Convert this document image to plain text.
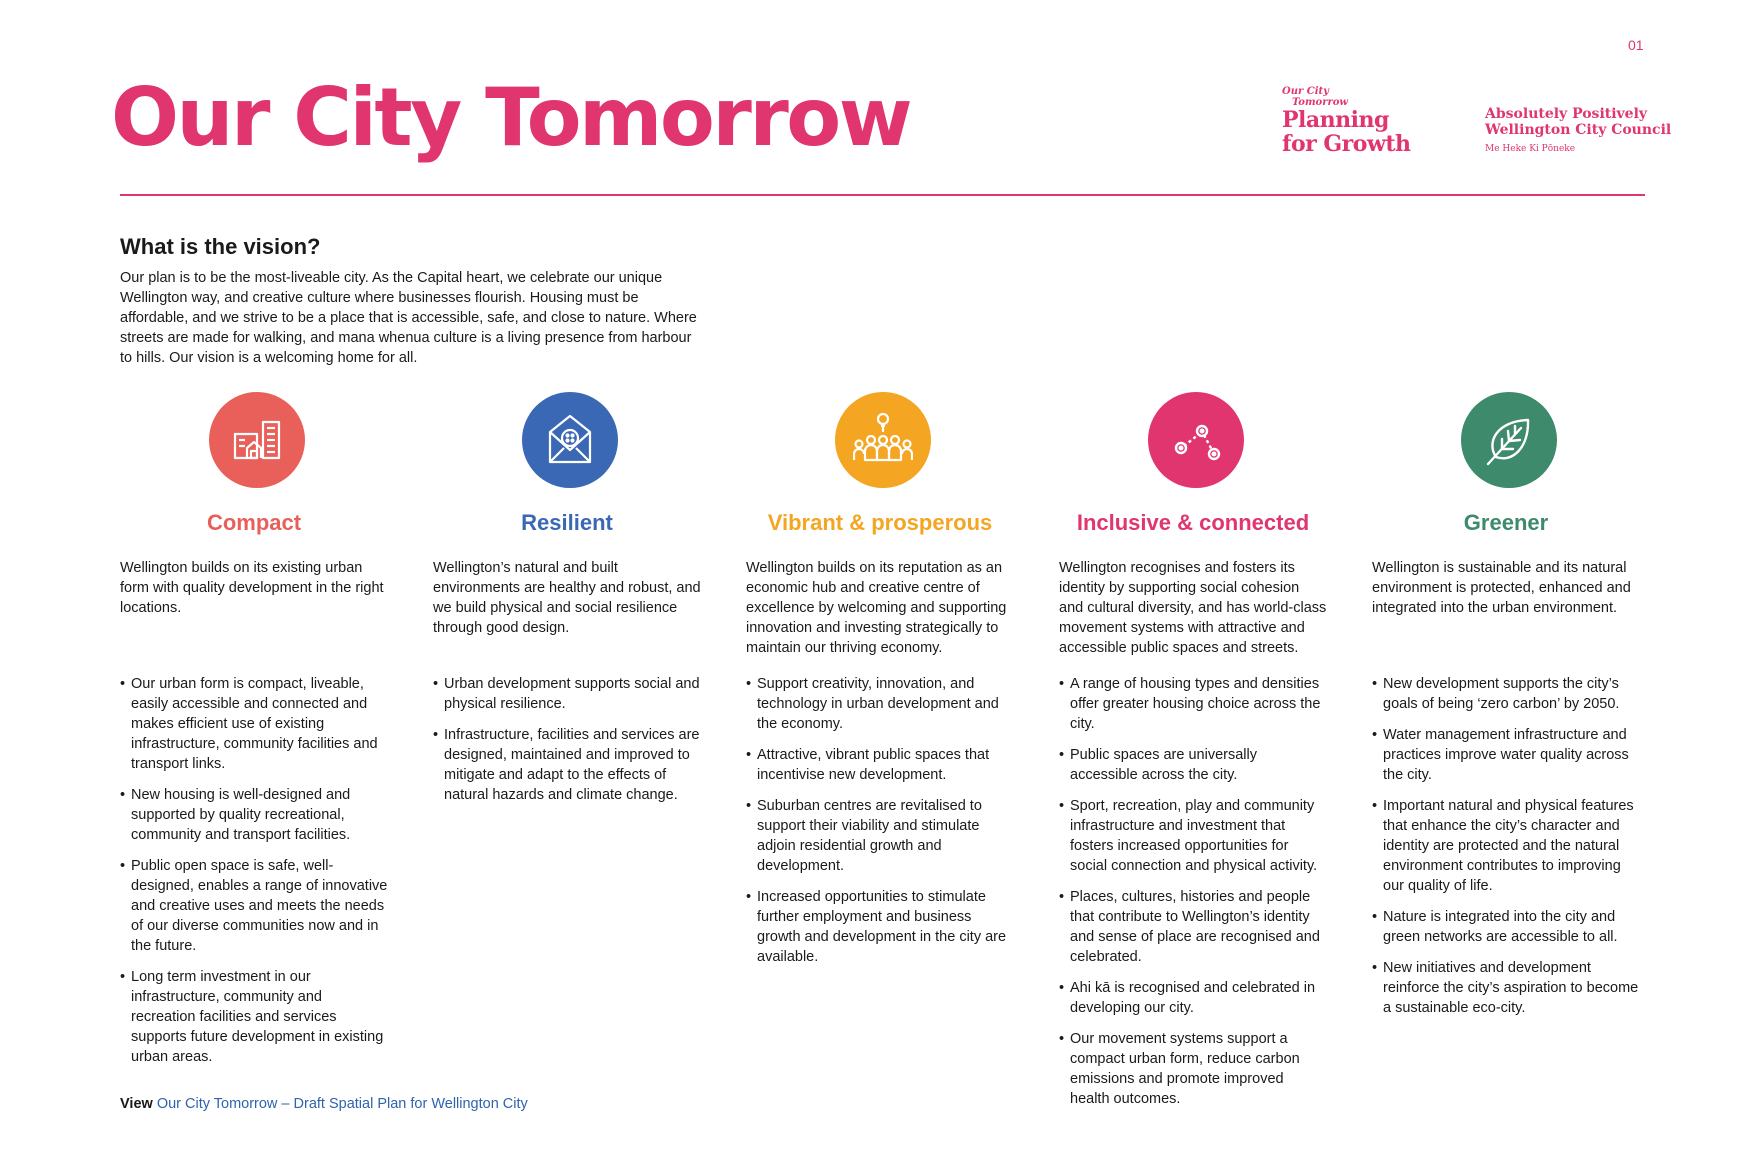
01
Our City Tomorrow	Our City
Tomorrow
Planning
for Growth
Absolutely Positively
Wellington City Council
Me Heke Ki Pōneke
What is the vision?

Our plan is to be the most-liveable city. As the Capital heart, we celebrate our unique Wellington way, and creative culture where businesses flourish. Housing must be affordable, and we strive to be a place that is accessible, safe, and close to nature. Where streets are made for walking, and mana whenua culture is a living presence from harbour to hills. Our vision is a welcoming home for all.

Compact

Wellington builds on its existing urban form with quality development in the right locations.

• Our urban form is compact, liveable, easily accessible and connected and makes efficient use of existing infrastructure, community facilities and transport links.
• New housing is well-designed and supported by quality recreational, community and transport facilities.
• Public open space is safe, well-designed, enables a range of innovative and creative uses and meets the needs of our diverse communities now and in the future.
• Long term investment in our infrastructure, community and recreation facilities and services supports future development in existing urban areas.
Resilient

Wellington’s natural and built environments are healthy and robust, and we build physical and social resilience through good design.

• Urban development supports social and physical resilience.
• Infrastructure, facilities and services are designed, maintained and improved to mitigate and adapt to the effects of natural hazards and climate change.
Vibrant & prosperous

Wellington builds on its reputation as an economic hub and creative centre of excellence by welcoming and supporting innovation and investing strategically to maintain our thriving economy.

• Support creativity, innovation, and technology in urban development and the economy.
• Attractive, vibrant public spaces that incentivise new development.
• Suburban centres are revitalised to support their viability and stimulate adjoin residential growth and development.
• Increased opportunities to stimulate further employment and business growth and development in the city are available.
Inclusive & connected

Wellington recognises and fosters its identity by supporting social cohesion and cultural diversity, and has world-class movement systems with attractive and accessible public spaces and streets.

• A range of housing types and densities offer greater housing choice across the city.
• Public spaces are universally accessible across the city.
• Sport, recreation, play and community infrastructure and investment that fosters increased opportunities for social connection and physical activity.
• Places, cultures, histories and people that contribute to Wellington’s identity and sense of place are recognised and celebrated.
• Ahi kā is recognised and celebrated in developing our city.
• Our movement systems support a compact urban form, reduce carbon emissions and promote improved health outcomes.
Greener

Wellington is sustainable and its natural environment is protected, enhanced and integrated into the urban environment.

• New development supports the city’s goals of being ‘zero carbon’ by 2050.
• Water management infrastructure and practices improve water quality across the city.
• Important natural and physical features that enhance the city’s character and identity are protected and the natural environment contributes to improving our quality of life.
• Nature is integrated into the city and green networks are accessible to all.
• New initiatives and development reinforce the city’s aspiration to become a sustainable eco-city.
View Our City Tomorrow – Draft Spatial Plan for Wellington City
